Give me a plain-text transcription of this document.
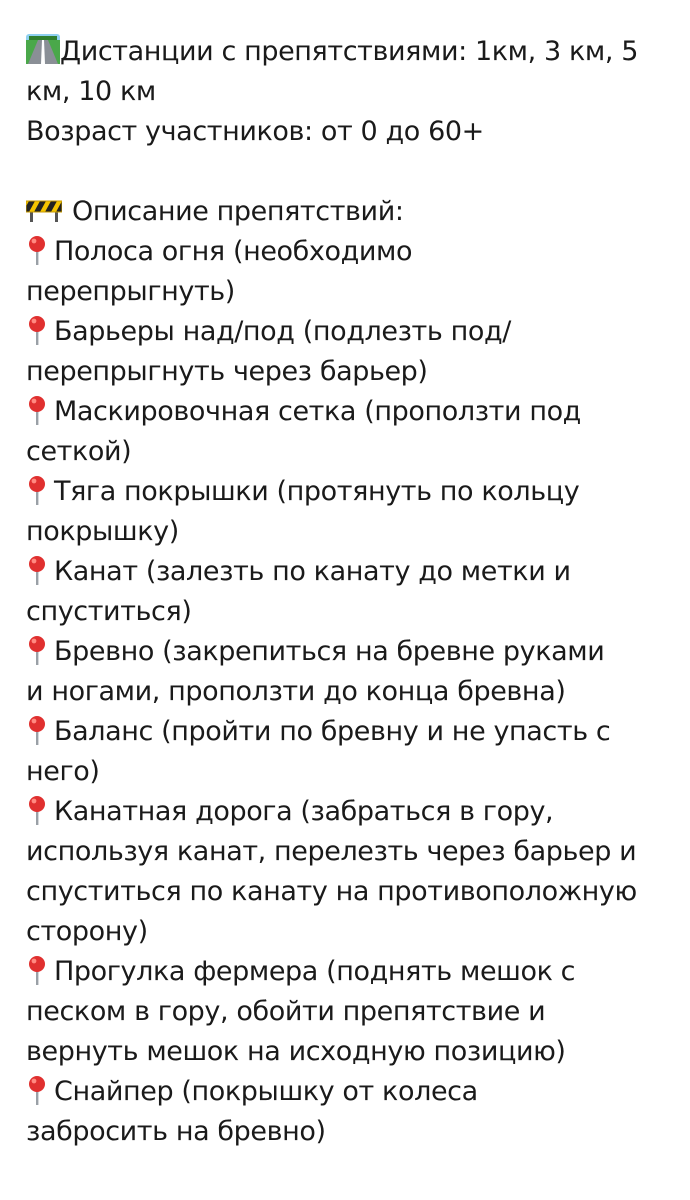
Дистанции с препятствиями: 1км, 3 км, 5
км, 10 км
Возраст участников: от 0 до 60+
Описание препятствий:
Полоса огня (необходимо
перепрыгнуть)
Барьеры над/под (подлезть под/
перепрыгнуть через барьер)
Маскировочная сетка (проползти под
сеткой)
Тяга покрышки (протянуть по кольцу
покрышку)
Канат (залезть по канату до метки и
спуститься)
Бревно (закрепиться на бревне руками
и ногами, проползти до конца бревна)
Баланс (пройти по бревну и не упасть с
него)
Канатная дорога (забраться в гору,
используя канат, перелезть через барьер и
спуститься по канату на противоположную
сторону)
Прогулка фермера (поднять мешок с
песком в гору, обойти препятствие и
вернуть мешок на исходную позицию)
Снайпер (покрышку от колеса
забросить на бревно)
